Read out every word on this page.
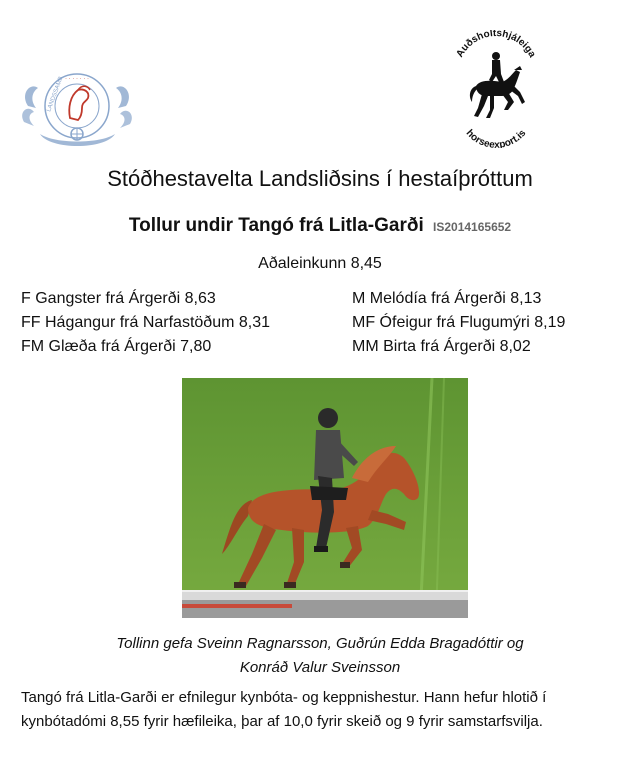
· · · · · · ·
LANDSSAMB
Auðsholtshjáleiga
horseexport.is
Stóðhestavelta Landsliðsins í hestaíþróttum
Tollur undir Tangó frá Litla-Garði IS2014165652
Aðaleinkunn 8,45
F Gangster frá Árgerði 8,63
FF Hágangur frá Narfastöðum 8,31
FM Glæða frá Árgerði 7,80
M Melódía frá Árgerði 8,13
MF Ófeigur frá Flugumýri 8,19
MM Birta frá Árgerði 8,02
Tollinn gefa Sveinn Ragnarsson, Guðrún Edda Bragadóttir og
Konráð Valur Sveinsson
Tangó frá Litla-Garði er efnilegur kynbóta- og keppnishestur. Hann hefur hlotið í
kynbótadómi 8,55 fyrir hæfileika, þar af 10,0 fyrir skeið og 9 fyrir samstarfsvilja.
